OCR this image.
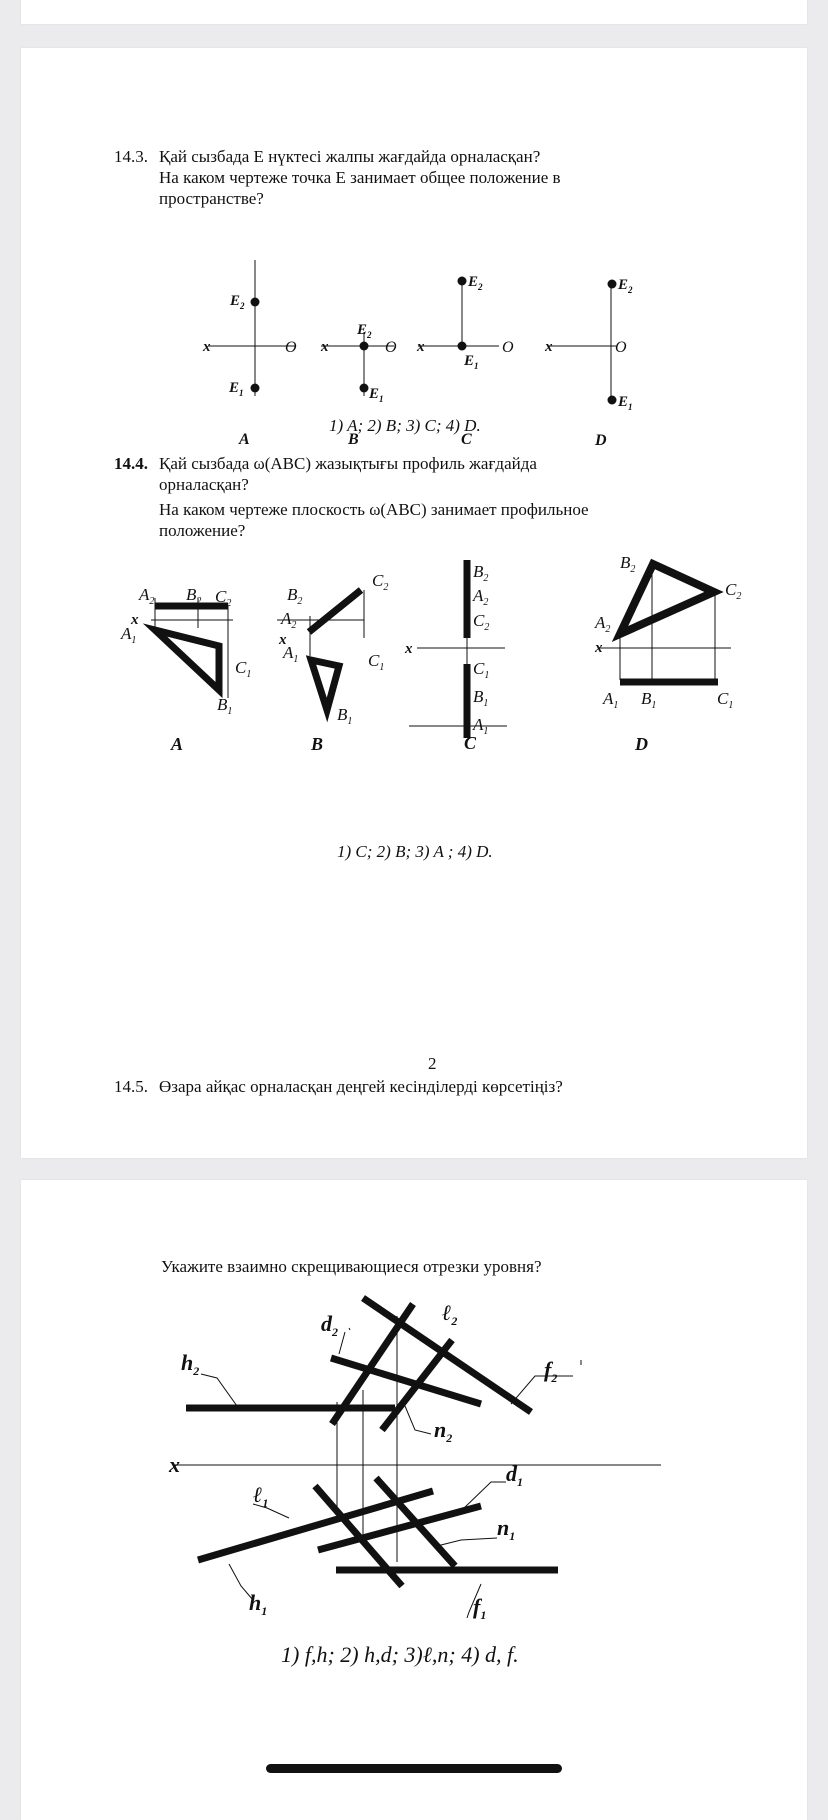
14.3. Қай сызбада E нүктесі жалпы жағдайда орналасқан?
На каком чертеже точка E занимает общее положение в
пространстве?
$E_2$
$E_1$
x	O
A
$E_2$
$E_1$
x	O
B
$E_2$
$E_1$
x	O
C
$E_2$
$E_1$
x	O
D
1) A; 2) B; 3) C; 4) D.
14.4. Қай сызбада ω(ABC) жазықтығы профиль жағдайда
орналасқан?
На каком чертеже плоскость ω(ABC) занимает профильное
положение?
$A_2$ $B_2$ $C_2$
x
$A_1$
$C_1$
$B_1$
A
$B_2$
$C_2$
$A_2$
x
$A_1$	$C_1$
$B_1$
B
x
$B_2$
$A_2$
$C_2$
$C_1$
$B_1$
$A_1$
C
$B_2$
$C_2$
$A_2$
x
$A_1$ $B_1$	$C_1$
D
1) C; 2) B; 3) A ; 4) D.
2
14.5. Өзара айқас орналасқан деңгей кесінділерді көрсетіңіз?
Укажите взаимно скрещивающиеся отрезки уровня?
$h_2$
$d_2$
ℓ$_2$
$f_2$
$n_2$
x
ℓ$_1$
$d_1$
$n_1$
$h_1$	$f_1$
1) f,h; 2) h,d; 3)ℓ,n; 4) d, f.
